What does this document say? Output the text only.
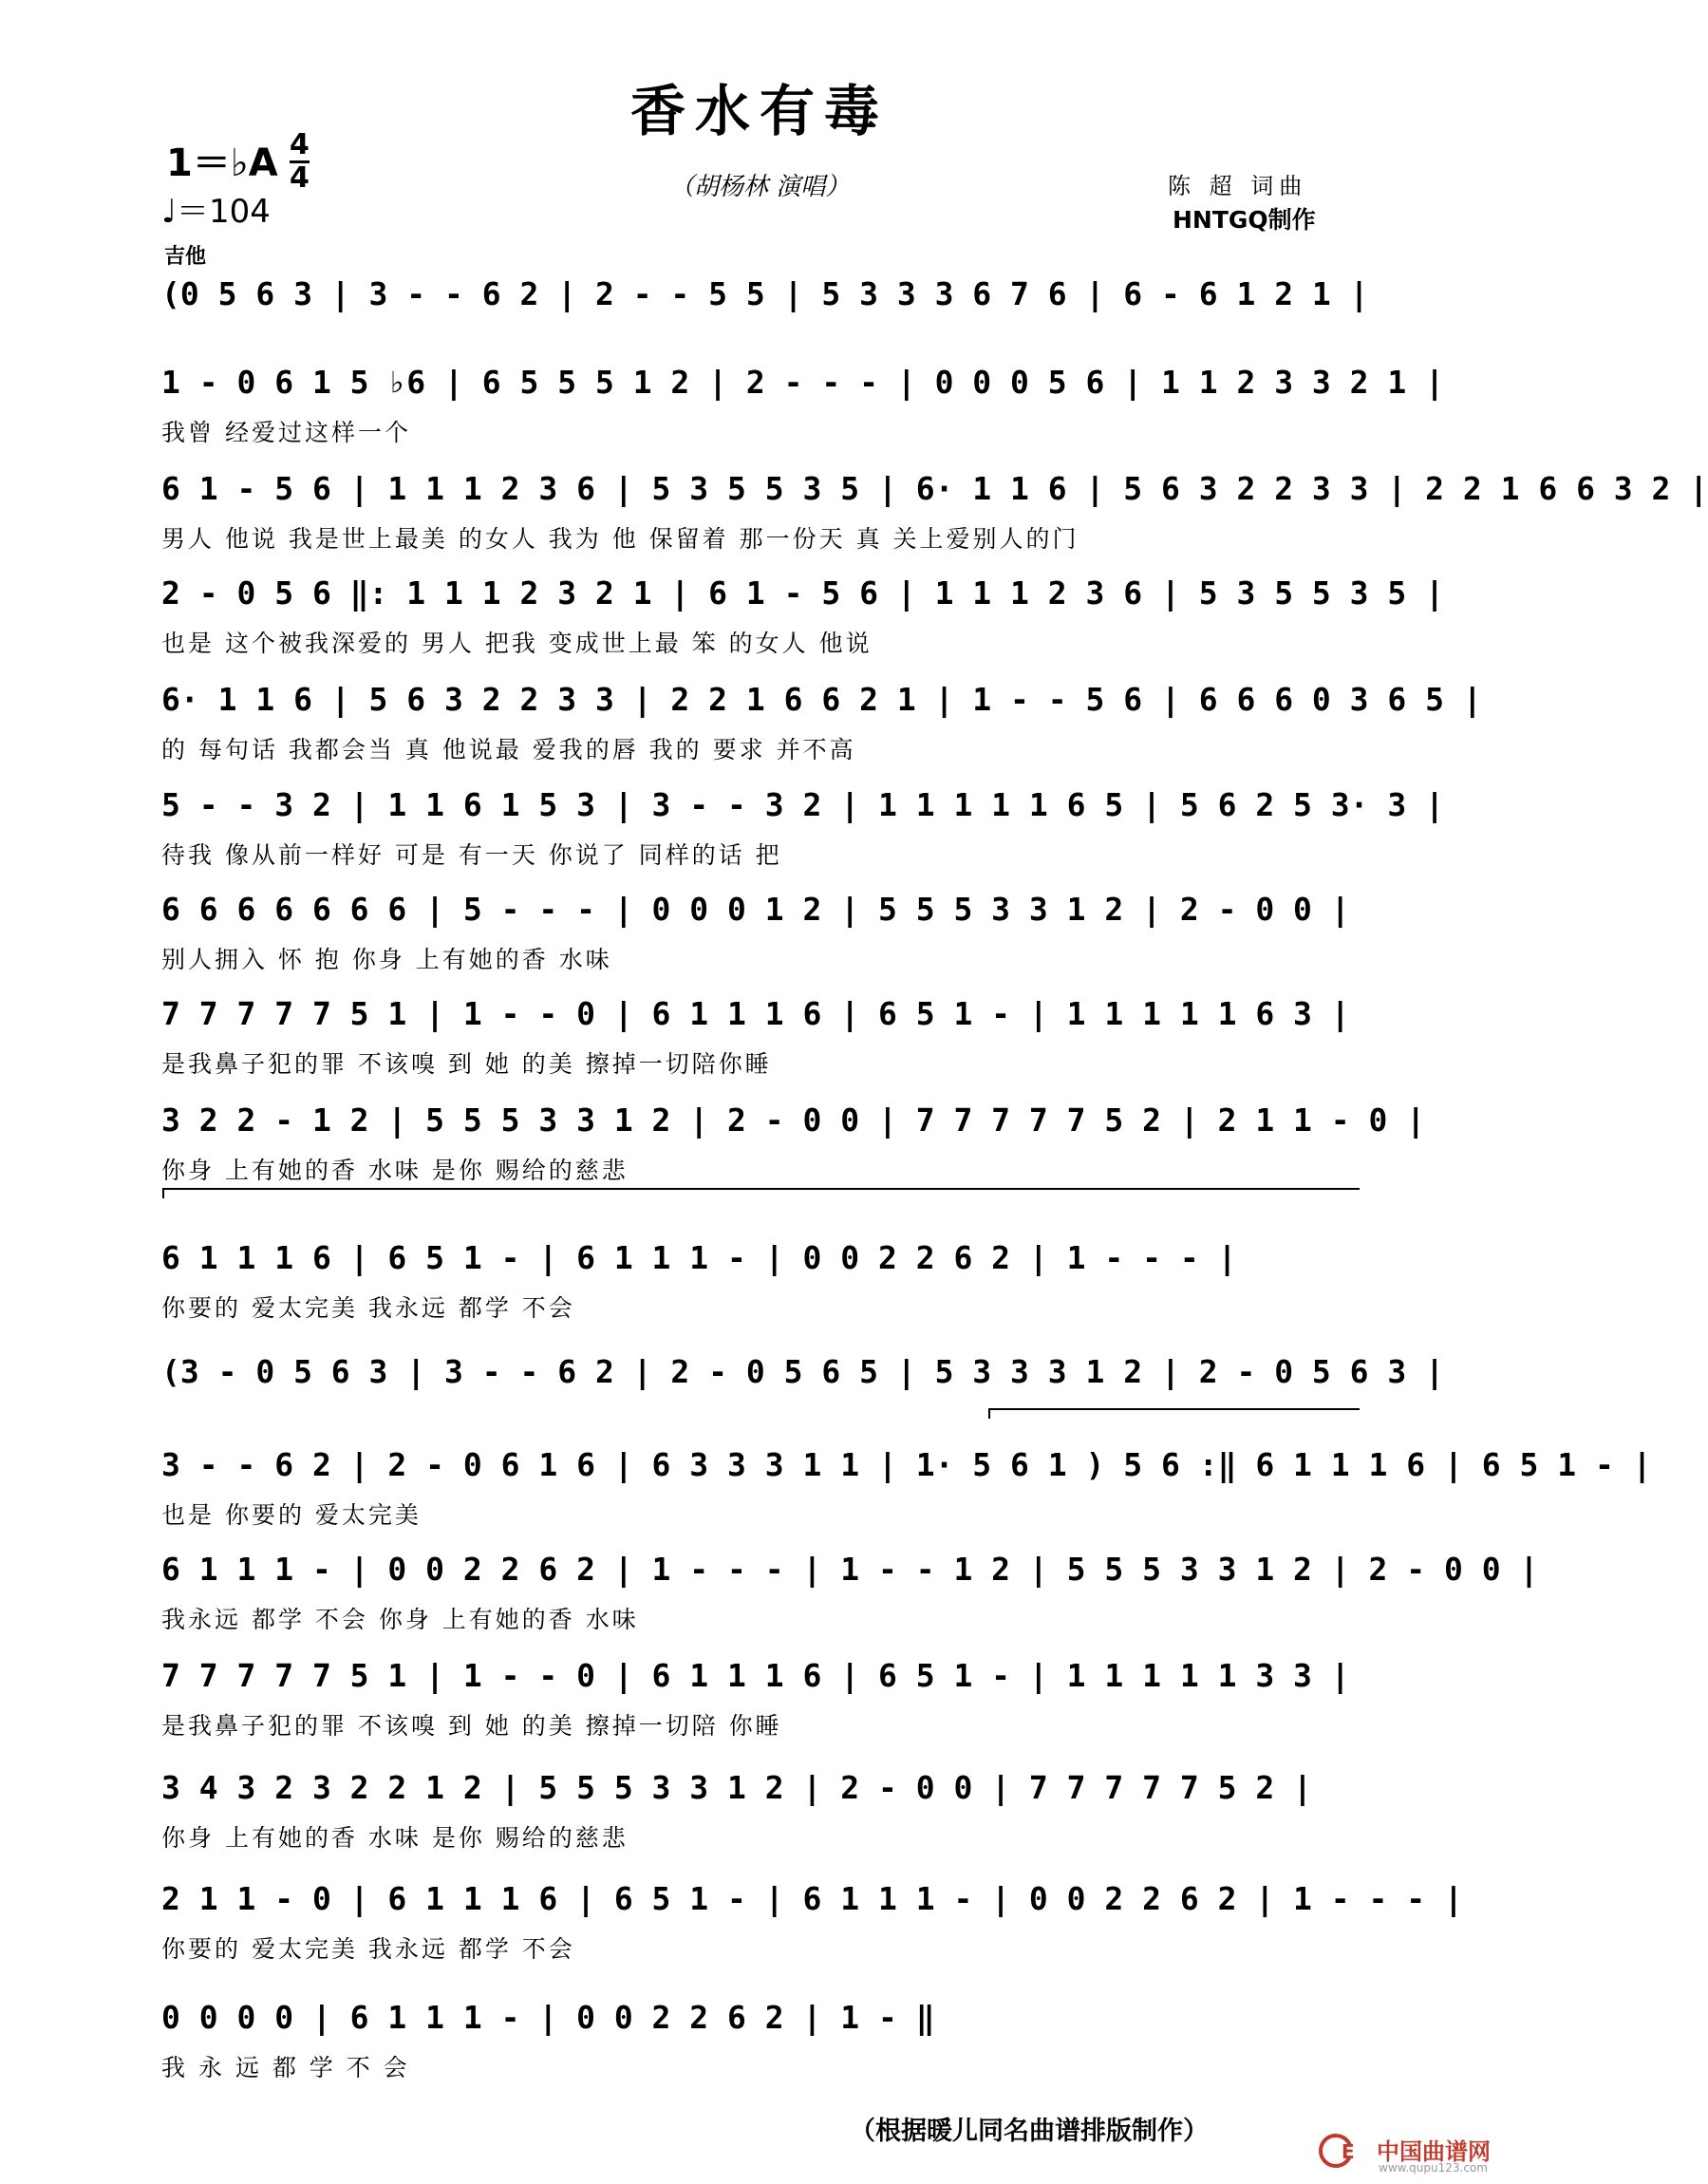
香水有毒
1＝♭A 4
4
♩＝104
（胡杨林 演唱）	陈 超 词曲
HNTGQ制作
吉他
(0 5 6 3 | 3 - - 6 2 | 2 - - 5 5 | 5 3 3 3 6 7 6 | 6 - 6 1 2 1 |
1 - 0 6 1 5 ♭6 | 6 5 5 5 1 2 | 2 - - - | 0 0 0 5 6 | 1 1 2 3 3 2 1 |
我曾 经爱过这样一个
6 1 - 5 6 | 1 1 1 2 3 6 | 5 3 5 5 3 5 | 6· 1 1 6 | 5 6 3 2 2 3 3 | 2 2 1 6 6 3 2 |
男人 他说 我是世上最美 的女人 我为 他 保留着 那一份天 真 关上爱别人的门
2 - 0 5 6 ‖: 1 1 1 2 3 2 1 | 6 1 - 5 6 | 1 1 1 2 3 6 | 5 3 5 5 3 5 |
也是 这个被我深爱的 男人 把我 变成世上最 笨 的女人 他说
6· 1 1 6 | 5 6 3 2 2 3 3 | 2 2 1 6 6 2 1 | 1 - - 5 6 | 6 6 6 0 3 6 5 |
的 每句话 我都会当 真 他说最 爱我的唇 我的 要求 并不高
5 - - 3 2 | 1 1 6 1 5 3 | 3 - - 3 2 | 1 1 1 1 1 6 5 | 5 6 2 5 3· 3 |
待我 像从前一样好 可是 有一天 你说了 同样的话 把
6 6 6 6 6 6 6 | 5 - - - | 0 0 0 1 2 | 5 5 5 3 3 1 2 | 2 - 0 0 |
别人拥入 怀 抱 你身 上有她的香 水味
7 7 7 7 7 5 1 | 1 - - 0 | 6 1 1 1 6 | 6 5 1 - | 1 1 1 1 1 6 3 |
是我鼻子犯的罪 不该嗅 到 她 的美 擦掉一切陪你睡
3 2 2 - 1 2 | 5 5 5 3 3 1 2 | 2 - 0 0 | 7 7 7 7 7 5 2 | 2 1 1 - 0 |
你身 上有她的香 水味 是你 赐给的慈悲
6 1 1 1 6 | 6 5 1 - | 6 1 1 1 - | 0 0 2 2 6 2 | 1 - - - |
你要的 爱太完美 我永远 都学 不会
(3 - 0 5 6 3 | 3 - - 6 2 | 2 - 0 5 6 5 | 5 3 3 3 1 2 | 2 - 0 5 6 3 |
3 - - 6 2 | 2 - 0 6 1 6 | 6 3 3 3 1 1 | 1· 5 6 1 ) 5 6 :‖ 6 1 1 1 6 | 6 5 1 - |
也是 你要的 爱太完美
6 1 1 1 - | 0 0 2 2 6 2 | 1 - - - | 1 - - 1 2 | 5 5 5 3 3 1 2 | 2 - 0 0 |
我永远 都学 不会 你身 上有她的香 水味
7 7 7 7 7 5 1 | 1 - - 0 | 6 1 1 1 6 | 6 5 1 - | 1 1 1 1 1 3 3 |
是我鼻子犯的罪 不该嗅 到 她 的美 擦掉一切陪 你睡
3 4 3 2 3 2 2 1 2 | 5 5 5 3 3 1 2 | 2 - 0 0 | 7 7 7 7 7 5 2 |
你身 上有她的香 水味 是你 赐给的慈悲
2 1 1 - 0 | 6 1 1 1 6 | 6 5 1 - | 6 1 1 1 - | 0 0 2 2 6 2 | 1 - - - |
你要的 爱太完美 我永远 都学 不会
0 0 0 0 | 6 1 1 1 - | 0 0 2 2 6 2 | 1 - ‖
我 永 远 都 学 不 会
（根据暖儿同名曲谱排版制作）
E 中国曲谱网
www.qupu123.com
